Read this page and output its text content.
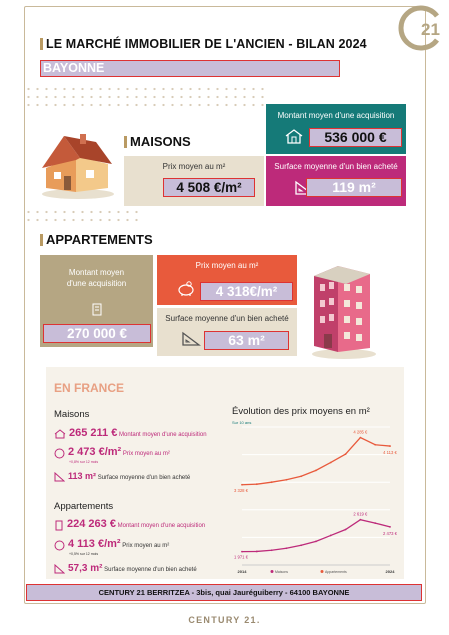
21
LE MARCHÉ IMMOBILIER DE L'ANCIEN - BILAN 2024
BAYONNE
MAISONS
Montant moyen d'une acquisition
536 000 €
Prix moyen au m²
4 508 €/m²
Surface moyenne d'un bien acheté
119 m²
APPARTEMENTS
Montant moyen
d'une acquisition
270 000 €
Prix moyen au m²
4 318€/m²
Surface moyenne d'un bien acheté
63 m²
EN FRANCE
Maisons
265 211 € Montant moyen d'une acquisition
2 473 €/m² Prix moyen au m²
+0,8% sur 12 mois
113 m² Surface moyenne d'un bien acheté
Appartements
224 263 € Montant moyen d'une acquisition
4 113 €/m² Prix moyen au m²
+0,5% sur 12 mois
57,3 m² Surface moyenne d'un bien acheté
Évolution des prix moyens en m²
Sur 10 ans
3 328 €
4 285 €
4 113 €
1 971 €
2 619 €
2 473 €
2014	2024
Maisons	Appartements
CENTURY 21 BERRITZEA - 3bis, quai Jauréguiberry - 64100 BAYONNE
CENTURY 21.
